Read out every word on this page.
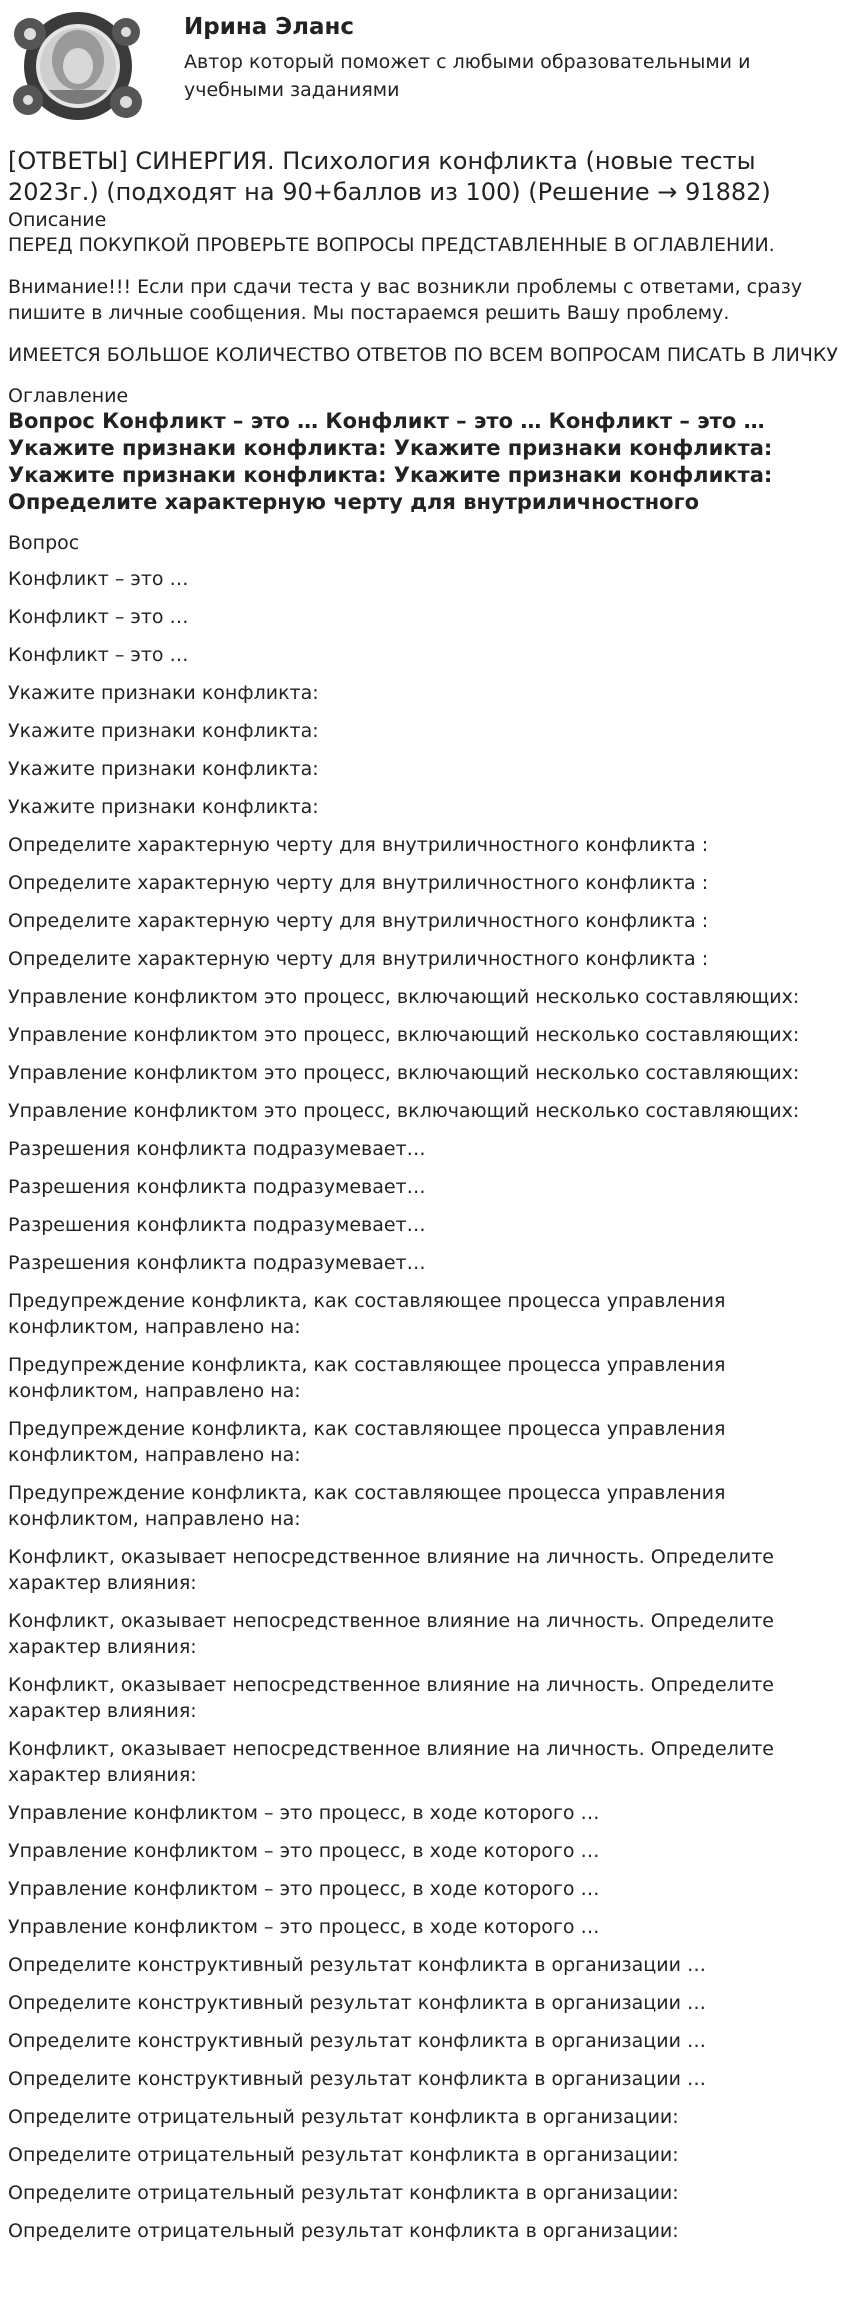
Ирина Эланс
Автор который поможет с любыми образовательными и учебными заданиями
[ОТВЕТЫ] СИНЕРГИЯ. Психология конфликта (новые тесты 2023г.) (подходят на 90+баллов из 100) (Решение → 91882)
Описание

ПЕРЕД ПОКУПКОЙ ПРОВЕРЬТЕ ВОПРОСЫ ПРЕДСТАВЛЕННЫЕ В ОГЛАВЛЕНИИ.

Внимание!!! Если при сдачи теста у вас возникли проблемы с ответами, сразу пишите в личные сообщения. Мы постараемся решить Вашу проблему.

ИМЕЕТСЯ БОЛЬШОЕ КОЛИЧЕСТВО ОТВЕТОВ ПО ВСЕМ ВОПРОСАМ ПИСАТЬ В ЛИЧКУ

Оглавление
Вопрос Конфликт – это … Конфликт – это … Конфликт – это … Укажите признаки конфликта: Укажите признаки конфликта: Укажите признаки конфликта: Укажите признаки конфликта: Определите характерную черту для внутриличностного
Вопрос
Конфликт – это …
Конфликт – это …
Конфликт – это …
Укажите признаки конфликта:
Укажите признаки конфликта:
Укажите признаки конфликта:
Укажите признаки конфликта:
Определите характерную черту для внутриличностного конфликта :
Определите характерную черту для внутриличностного конфликта :
Определите характерную черту для внутриличностного конфликта :
Определите характерную черту для внутриличностного конфликта :
Управление конфликтом это процесс, включающий несколько составляющих:
Управление конфликтом это процесс, включающий несколько составляющих:
Управление конфликтом это процесс, включающий несколько составляющих:
Управление конфликтом это процесс, включающий несколько составляющих:
Разрешения конфликта подразумевает…
Разрешения конфликта подразумевает…
Разрешения конфликта подразумевает…
Разрешения конфликта подразумевает…
Предупреждение конфликта, как составляющее процесса управления конфликтом, направлено на:
Предупреждение конфликта, как составляющее процесса управления конфликтом, направлено на:
Предупреждение конфликта, как составляющее процесса управления конфликтом, направлено на:
Предупреждение конфликта, как составляющее процесса управления конфликтом, направлено на:
Конфликт, оказывает непосредственное влияние на личность. Определите характер влияния:
Конфликт, оказывает непосредственное влияние на личность. Определите характер влияния:
Конфликт, оказывает непосредственное влияние на личность. Определите характер влияния:
Конфликт, оказывает непосредственное влияние на личность. Определите характер влияния:
Управление конфликтом – это процесс, в ходе которого …
Управление конфликтом – это процесс, в ходе которого …
Управление конфликтом – это процесс, в ходе которого …
Управление конфликтом – это процесс, в ходе которого …
Определите конструктивный результат конфликта в организации …
Определите конструктивный результат конфликта в организации …
Определите конструктивный результат конфликта в организации …
Определите конструктивный результат конфликта в организации …
Определите отрицательный результат конфликта в организации:
Определите отрицательный результат конфликта в организации:
Определите отрицательный результат конфликта в организации:
Определите отрицательный результат конфликта в организации:
